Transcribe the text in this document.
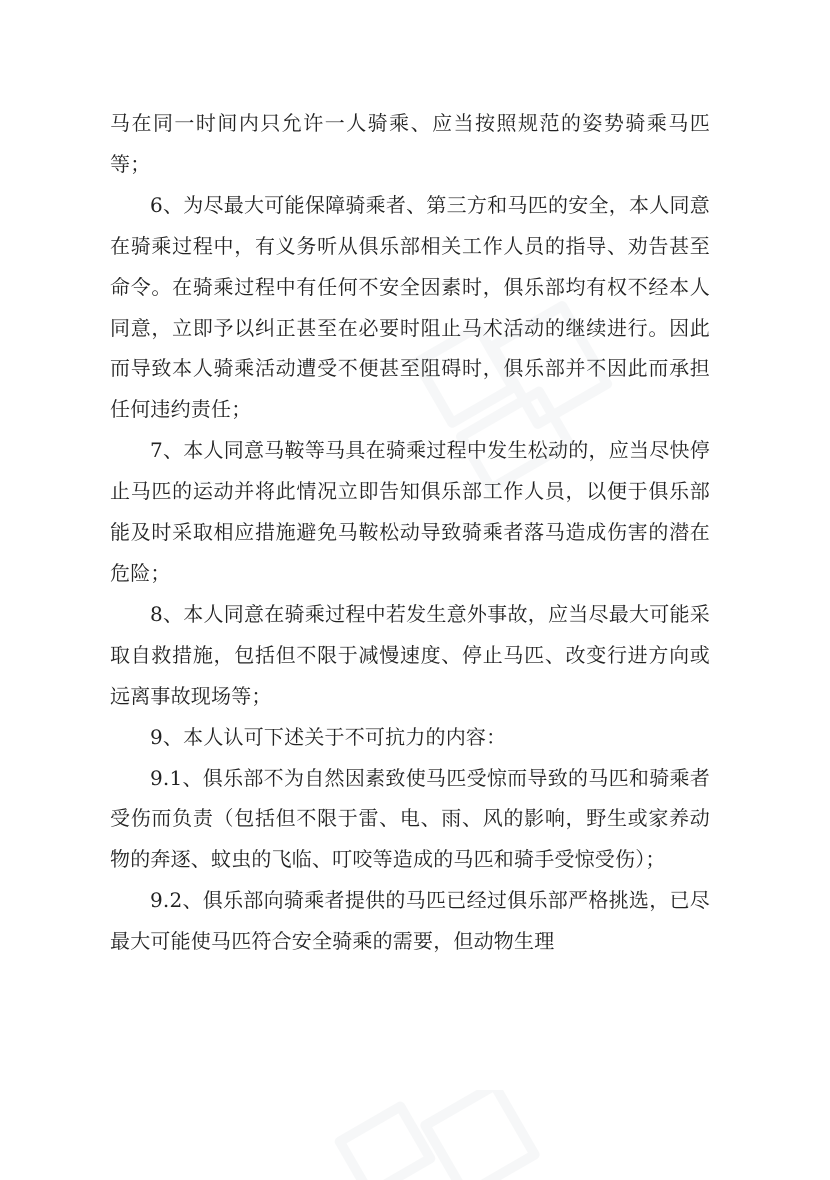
马在同一时间内只允许一人骑乘、应当按照规范的姿势骑乘马匹等；

6、为尽最大可能保障骑乘者、第三方和马匹的安全，本人同意在骑乘过程中，有义务听从俱乐部相关工作人员的指导、劝告甚至命令。在骑乘过程中有任何不安全因素时，俱乐部均有权不经本人同意，立即予以纠正甚至在必要时阻止马术活动的继续进行。因此而导致本人骑乘活动遭受不便甚至阻碍时，俱乐部并不因此而承担任何违约责任；

7、本人同意马鞍等马具在骑乘过程中发生松动的，应当尽快停止马匹的运动并将此情况立即告知俱乐部工作人员，以便于俱乐部能及时采取相应措施避免马鞍松动导致骑乘者落马造成伤害的潜在危险；

8、本人同意在骑乘过程中若发生意外事故，应当尽最大可能采取自救措施，包括但不限于减慢速度、停止马匹、改变行进方向或远离事故现场等；

9、本人认可下述关于不可抗力的内容：

9.1、俱乐部不为自然因素致使马匹受惊而导致的马匹和骑乘者受伤而负责（包括但不限于雷、电、雨、风的影响，野生或家养动物的奔逐、蚊虫的飞临、叮咬等造成的马匹和骑手受惊受伤）；

9.2、俱乐部向骑乘者提供的马匹已经过俱乐部严格挑选，已尽最大可能使马匹符合安全骑乘的需要，但动物生理
